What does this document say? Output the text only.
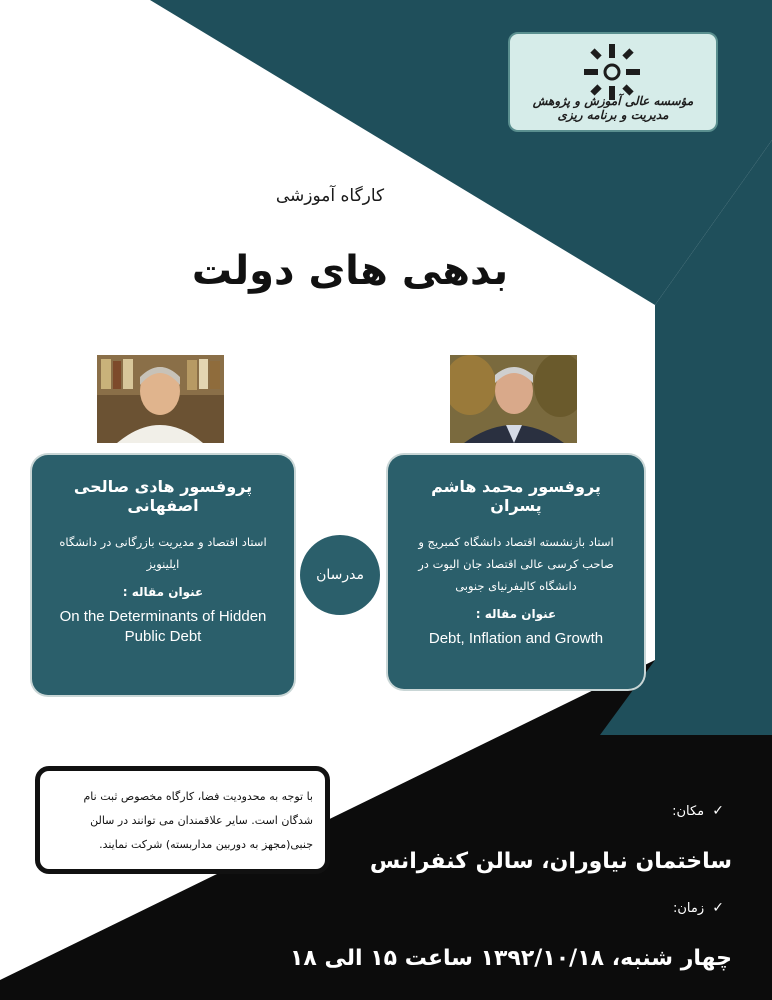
مؤسسه عالی آموزش و پژوهش مدیریت و برنامه ریزی
کارگاه آموزشی
بدهی های دولت
پروفسور هادی صالحی اصفهانی
استاد اقتصاد و مدیریت بازرگانی در دانشگاه ایلینویز
عنوان مقاله :
On the Determinants of Hidden Public Debt
پروفسور محمد هاشم پسران
استاد بازنشسته اقتصاد دانشگاه کمبریج و صاحب کرسی عالی اقتصاد جان الیوت در دانشگاه کالیفرنیای جنوبی
عنوان مقاله :
Debt, Inflation and Growth
مدرسان
با توجه به محدودیت فضا، کارگاه مخصوص ثبت نام شدگان است. سایر علاقمندان می توانند در سالن جنبی(مجهز به دوربین مداربسته) شرکت نمایند.
✓ مکان:
ساختمان نیاوران، سالن کنفرانس
✓ زمان:
چهار شنبه، ۱۳۹۲/۱۰/۱۸ ساعت ۱۵ الی ۱۸
